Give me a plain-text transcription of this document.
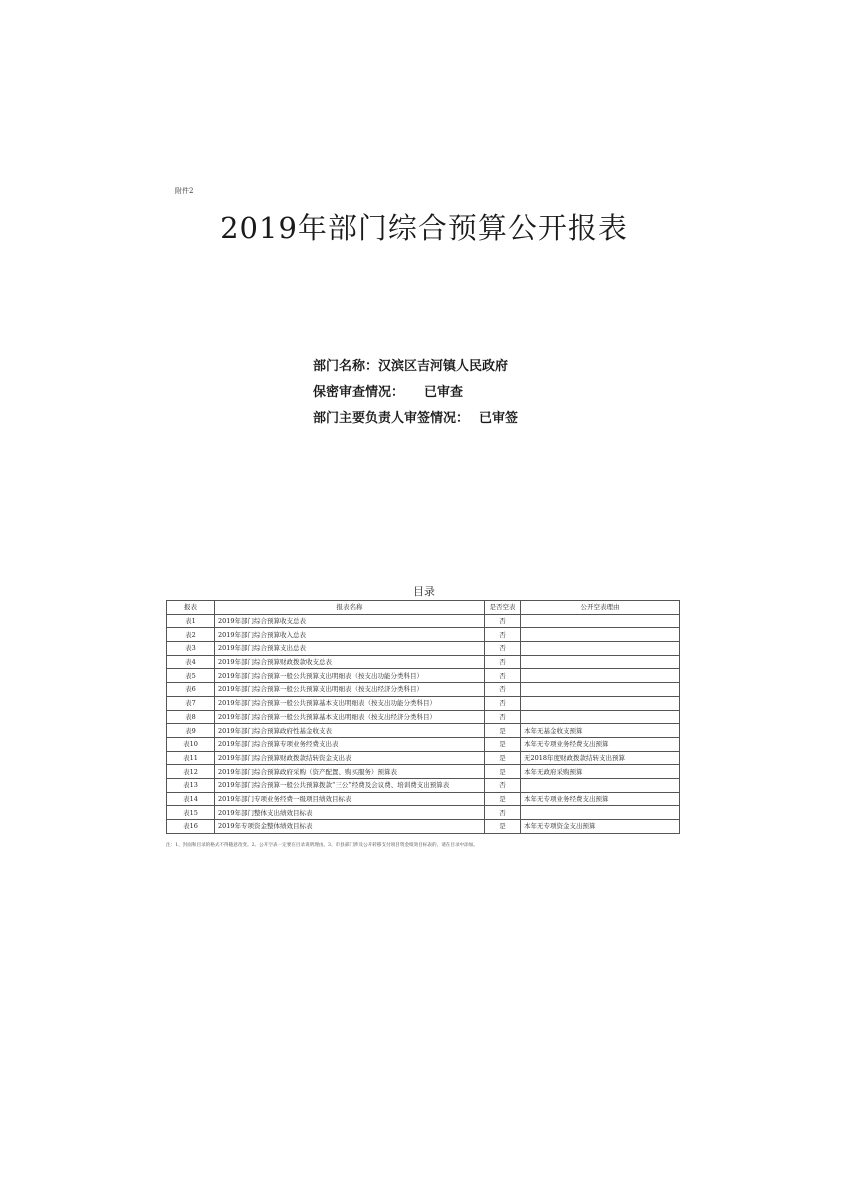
附件2
2019年部门综合预算公开报表
部门名称：汉滨区吉河镇人民政府
保密审查情况： 已审查
部门主要负责人审签情况： 已审签
目录
报表	报表名称	是否空表	公开空表理由
表1	2019年部门综合预算收支总表	否	
表2	2019年部门综合预算收入总表	否	
表3	2019年部门综合预算支出总表	否	
表4	2019年部门综合预算财政拨款收支总表	否	
表5	2019年部门综合预算一般公共预算支出明细表（按支出功能分类科目）	否	
表6	2019年部门综合预算一般公共预算支出明细表（按支出经济分类科目）	否	
表7	2019年部门综合预算一般公共预算基本支出明细表（按支出功能分类科目）	否	
表8	2019年部门综合预算一般公共预算基本支出明细表（按支出经济分类科目）	否	
表9	2019年部门综合预算政府性基金收支表	是	本年无基金收支预算
表10	2019年部门综合预算专项业务经费支出表	是	本年无专项业务经费支出预算
表11	2019年部门综合预算财政拨款结转资金支出表	是	无2018年度财政拨款结转支出预算
表12	2019年部门综合预算政府采购（资产配置、购买服务）预算表	是	本年无政府采购预算
表13	2019年部门综合预算一般公共预算拨款“三公”经费及会议费、培训费支出预算表	否	
表14	2019年部门专项业务经费一级项目绩效目标表	是	本年无专项业务经费支出预算
表15	2019年部门整体支出绩效目标表	否	
表16	2019年专项资金整体绩效目标表	是	本年无专项资金支出预算
注：1、封面和目录的格式不得随意改变。2、公开空表一定要在目录说明理由。3、市县部门涉及公开转移支付项目资金绩效目标表的，请在目录中添加。
